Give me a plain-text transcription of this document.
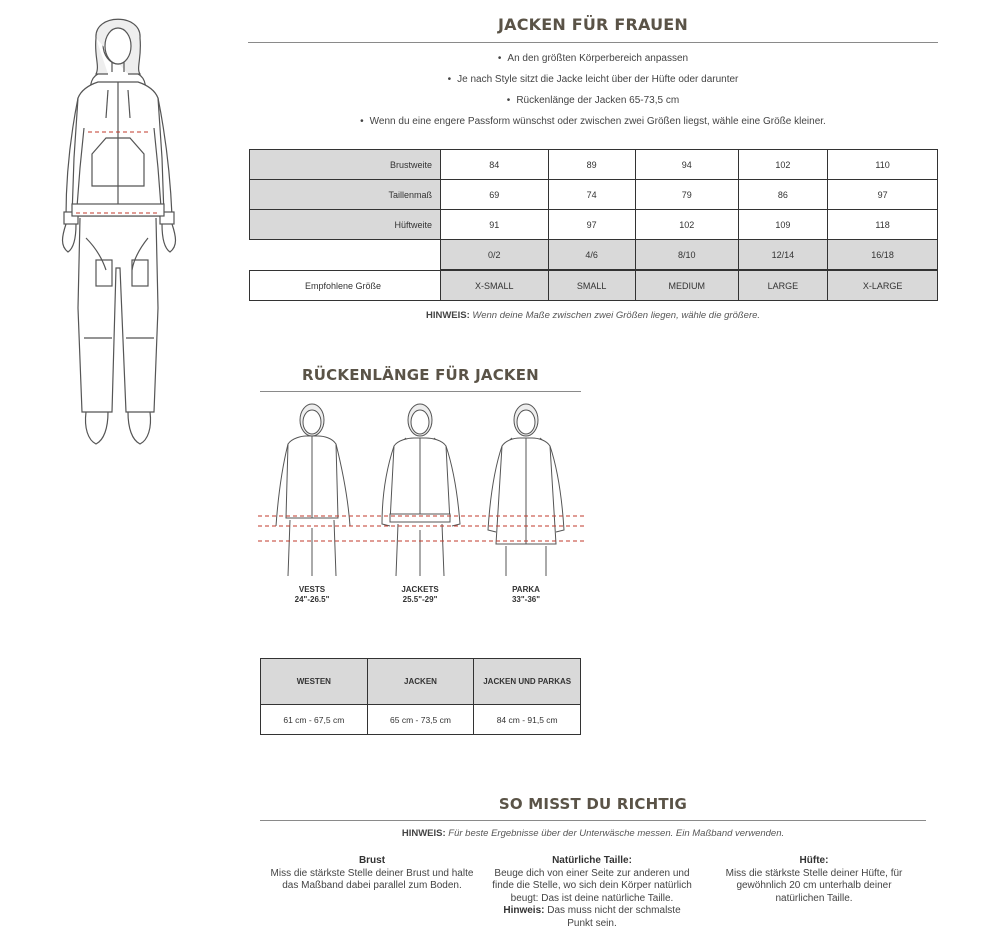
JACKEN FÜR FRAUEN
• An den größten Körperbereich anpassen
• Je nach Style sitzt die Jacke leicht über der Hüfte oder darunter
• Rückenlänge der Jacken 65-73,5 cm
• Wenn du eine engere Passform wünschst oder zwischen zwei Größen liegst, wähle eine Größe kleiner.
Brustweite	84	89	94	102	110
Taillenmaß	69	74	79	86	97
Hüftweite	91	97	102	109	118
	0/2	4/6	8/10	12/14	16/18

Empfohlene Größe	X-SMALL	SMALL	MEDIUM	LARGE	X-LARGE
HINWEIS: Wenn deine Maße zwischen zwei Größen liegen, wähle die größere.
RÜCKENLÄNGE FÜR JACKEN
VESTS
24"-26.5"
JACKETS
25.5"-29"
PARKA
33"-36"
WESTEN	JACKEN	JACKEN UND PARKAS
61 cm - 67,5 cm	65 cm - 73,5 cm	84 cm - 91,5 cm
SO MISST DU RICHTIG
HINWEIS: Für beste Ergebnisse über der Unterwäsche messen. Ein Maßband verwenden.
Brust
Miss die stärkste Stelle deiner Brust und halte das Maßband dabei parallel zum Boden.
Natürliche Taille:
Beuge dich von einer Seite zur anderen und finde die Stelle, wo sich dein Körper natürlich beugt: Das ist deine natürliche Taille. Hinweis: Das muss nicht der schmalste Punkt sein.
Hüfte:
Miss die stärkste Stelle deiner Hüfte, für gewöhnlich 20 cm unterhalb deiner natürlichen Taille.
